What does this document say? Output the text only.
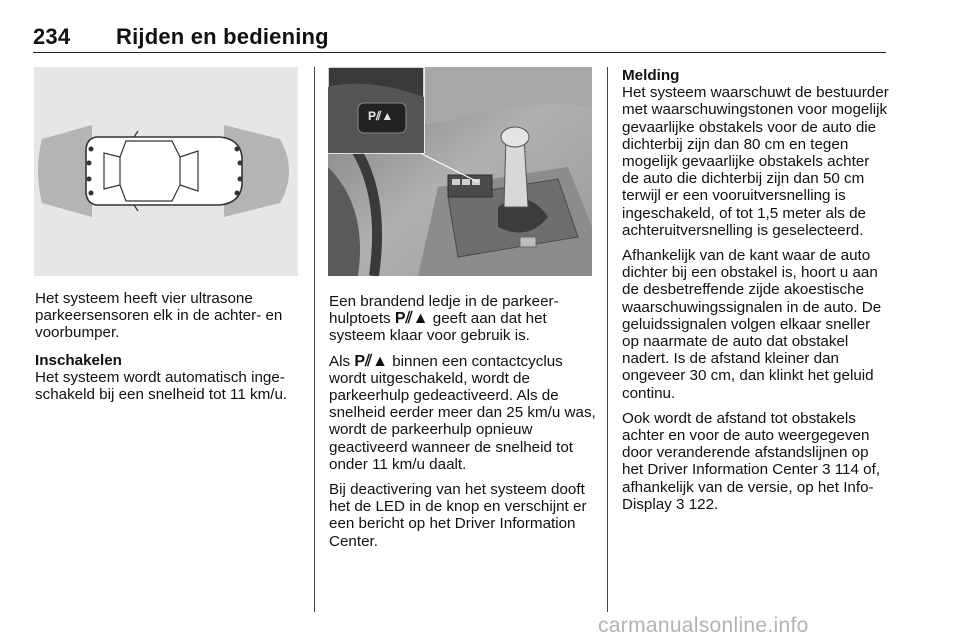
234 Rijden en bediening
P⫽▲

Het systeem heeft vier ultrasone parkeersensoren elk in de achter- en voorbumper.

Inschakelen
Het systeem wordt automatisch ingeschakeld bij een snelheid tot 11 km/u.

Een brandend ledje in de parkeerhulptoets P⫽▲ geeft aan dat het systeem klaar voor gebruik is.

Als P⫽▲ binnen een contactcyclus wordt uitgeschakeld, wordt de parkeerhulp gedeactiveerd. Als de snelheid eerder meer dan 25 km/u was, wordt de parkeerhulp opnieuw geactiveerd wanneer de snelheid tot onder 11 km/u daalt.

Bij deactivering van het systeem dooft het de LED in de knop en verschijnt er een bericht op het Driver Information Center.

Melding
Het systeem waarschuwt de bestuurder met waarschuwingstonen voor mogelijk gevaarlijke obstakels voor de auto die dichterbij zijn dan 80 cm en tegen mogelijk gevaarlijke obstakels achter de auto die dichterbij zijn dan 50 cm terwijl er een vooruitversnelling is ingeschakeld, of tot 1,5 meter als de achteruitversnelling is geselecteerd.

Afhankelijk van de kant waar de auto dichter bij een obstakel is, hoort u aan de desbetreffende zijde akoestische waarschuwingssignalen in de auto. De geluidssignalen volgen elkaar sneller op naarmate de auto dat obstakel nadert. Is de afstand kleiner dan ongeveer 30 cm, dan klinkt het geluid continu.

Ook wordt de afstand tot obstakels achter en voor de auto weergegeven door veranderende afstandslijnen op het Driver Information Center 3 114 of, afhankelijk van de versie, op het Info-Display 3 122.

carmanualsonline.info
